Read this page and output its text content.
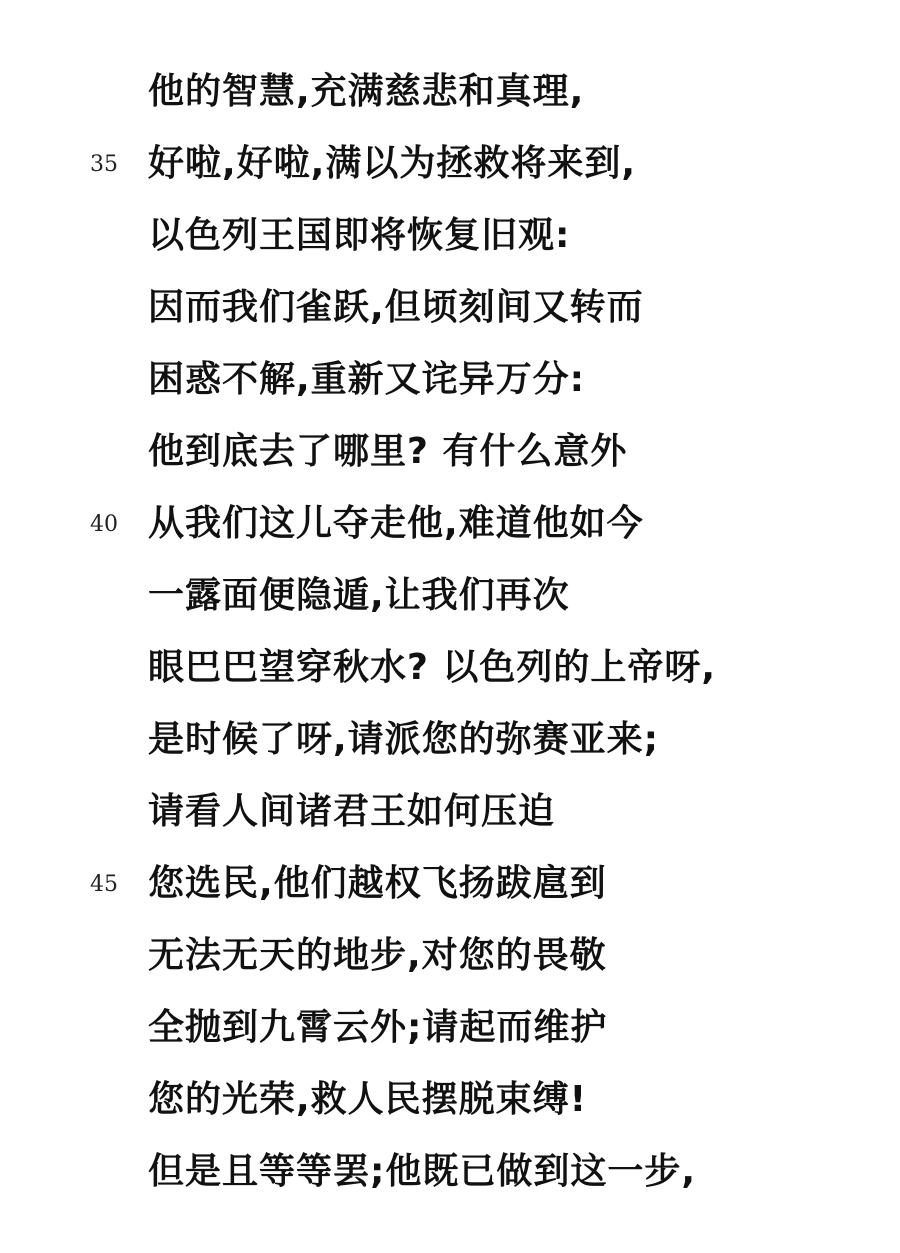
他的智慧,充满慈悲和真理,
35 好啦,好啦,满以为拯救将来到,
以色列王国即将恢复旧观:
因而我们雀跃,但顷刻间又转而
困惑不解,重新又诧异万分:
他到底去了哪里? 有什么意外
40 从我们这儿夺走他,难道他如今
一露面便隐遁,让我们再次
眼巴巴望穿秋水? 以色列的上帝呀,
是时候了呀,请派您的弥赛亚来;
请看人间诸君王如何压迫
45 您选民,他们越权飞扬跋扈到
无法无天的地步,对您的畏敬
全抛到九霄云外;请起而维护
您的光荣,救人民摆脱束缚!
但是且等等罢;他既已做到这一步,
